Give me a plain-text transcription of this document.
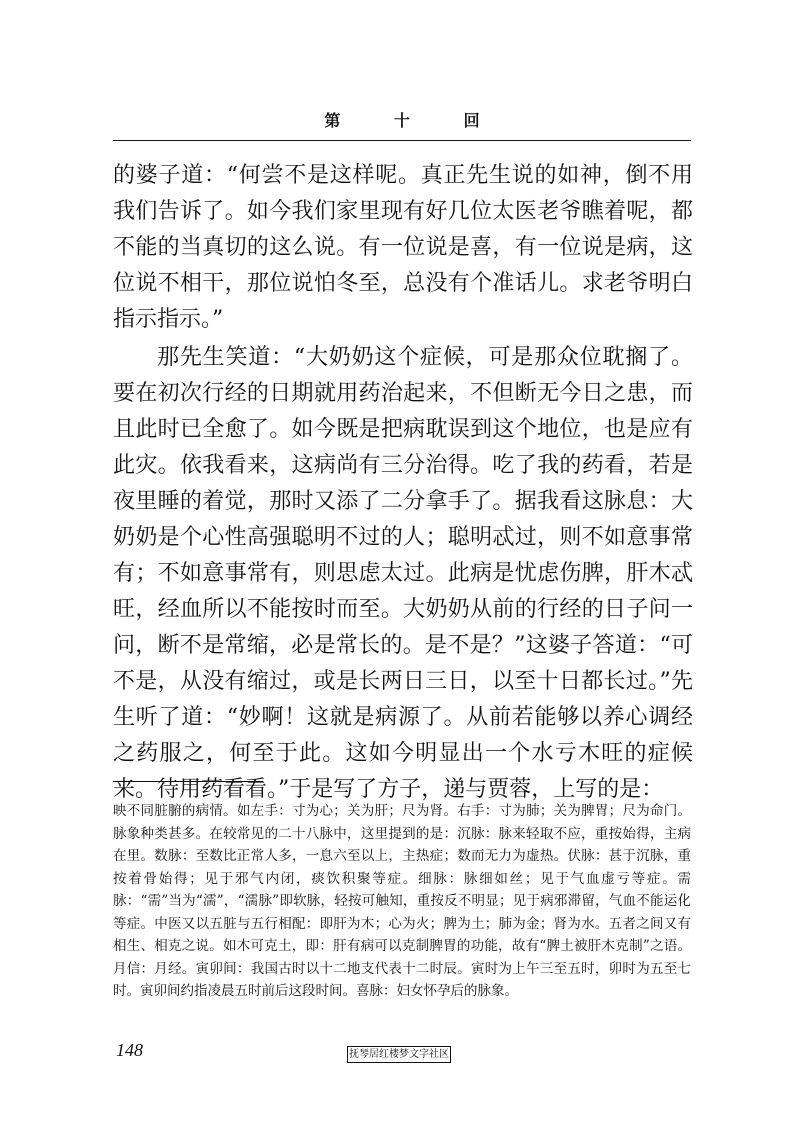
第	十	回

的婆子道：“何尝不是这样呢。真正先生说的如神，倒不用我们告诉了。如今我们家里现有好几位太医老爷瞧着呢，都不能的当真切的这么说。有一位说是喜，有一位说是病，这位说不相干，那位说怕冬至，总没有个准话儿。求老爷明白指示指示。”

那先生笑道：“大奶奶这个症候，可是那众位耽搁了。要在初次行经的日期就用药治起来，不但断无今日之患，而且此时已全愈了。如今既是把病耽误到这个地位，也是应有此灾。依我看来，这病尚有三分治得。吃了我的药看，若是夜里睡的着觉，那时又添了二分拿手了。据我看这脉息：大奶奶是个心性高强聪明不过的人；聪明忒过，则不如意事常有；不如意事常有，则思虑太过。此病是忧虑伤脾，肝木忒旺，经血所以不能按时而至。大奶奶从前的行经的日子问一问，断不是常缩，必是常长的。是不是？”这婆子答道：“可不是，从没有缩过，或是长两日三日，以至十日都长过。”先生听了道：“妙啊！这就是病源了。从前若能够以养心调经之药服之，何至于此。这如今明显出一个水亏木旺的症候来。待用药看看。”于是写了方子，递与贾蓉，上写的是：

映不同脏腑的病情。如左手：寸为心；关为肝；尺为肾。右手：寸为肺；关为脾胃；尺为命门。脉象种类甚多。在较常见的二十八脉中，这里提到的是：沉脉：脉来轻取不应，重按始得，主病在里。数脉：至数比正常人多，一息六至以上，主热症；数而无力为虚热。伏脉：甚于沉脉，重按着骨始得；见于邪气内闭，痰饮积聚等症。细脉：脉细如丝；见于气血虚亏等症。需脉：“需”当为“濡”，“濡脉”即软脉，轻按可触知，重按反不明显；见于病邪滞留，气血不能运化等症。中医又以五脏与五行相配：即肝为木；心为火；脾为土；肺为金；肾为水。五者之间又有相生、相克之说。如木可克土，即：肝有病可以克制脾胃的功能，故有“脾土被肝木克制”之语。月信：月经。寅卯间：我国古时以十二地支代表十二时辰。寅时为上午三至五时，卯时为五至七时。寅卯间约指凌晨五时前后这段时间。喜脉：妇女怀孕后的脉象。
148	抚琴居红楼梦文字社区
